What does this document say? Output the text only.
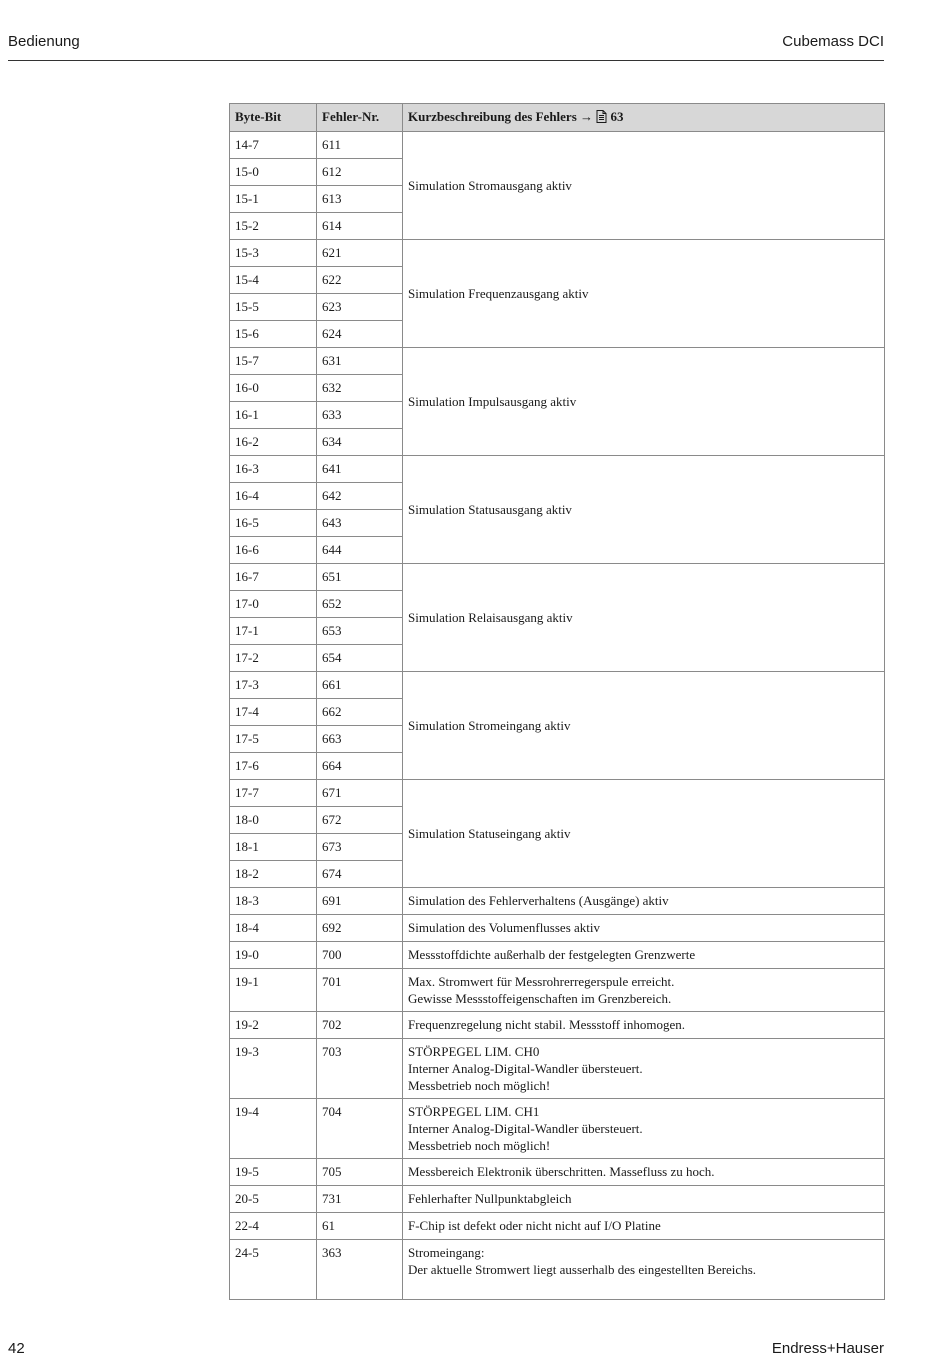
Bedienung	Cubemass DCI
Byte-Bit	Fehler-Nr.	Kurzbeschreibung des Fehlers → 63
14-7	611	Simulation Stromausgang aktiv
15-0	612	
15-1	613	
15-2	614	
15-3	621	Simulation Frequenzausgang aktiv
15-4	622	
15-5	623	
15-6	624	
15-7	631	Simulation Impulsausgang aktiv
16-0	632	
16-1	633	
16-2	634	
16-3	641	Simulation Statusausgang aktiv
16-4	642	
16-5	643	
16-6	644	
16-7	651	Simulation Relaisausgang aktiv
17-0	652	
17-1	653	
17-2	654	
17-3	661	Simulation Stromeingang aktiv
17-4	662	
17-5	663	
17-6	664	
17-7	671	Simulation Statuseingang aktiv
18-0	672	
18-1	673	
18-2	674	
18-3	691	Simulation des Fehlerverhaltens (Ausgänge) aktiv

18-4	692	Simulation des Volumenflusses aktiv

19-0	700	Messstoffdichte außerhalb der festgelegten Grenzwerte

19-1	701	Max. Stromwert für Messrohrerregerspule erreicht.
Gewisse Messstoffeigenschaften im Grenzbereich.

19-2	702	Frequenzregelung nicht stabil. Messstoff inhomogen.

19-3	703	STÖRPEGEL LIM. CH0
Interner Analog-Digital-Wandler übersteuert.
Messbetrieb noch möglich!

19-4	704	STÖRPEGEL LIM. CH1
Interner Analog-Digital-Wandler übersteuert.
Messbetrieb noch möglich!

19-5	705	Messbereich Elektronik überschritten. Massefluss zu hoch.

20-5	731	Fehlerhafter Nullpunktabgleich

22-4	61	F-Chip ist defekt oder nicht nicht auf I/O Platine

24-5	363	Stromeingang:
Der aktuelle Stromwert liegt ausserhalb des eingestellten Bereichs.
42	Endress+Hauser
